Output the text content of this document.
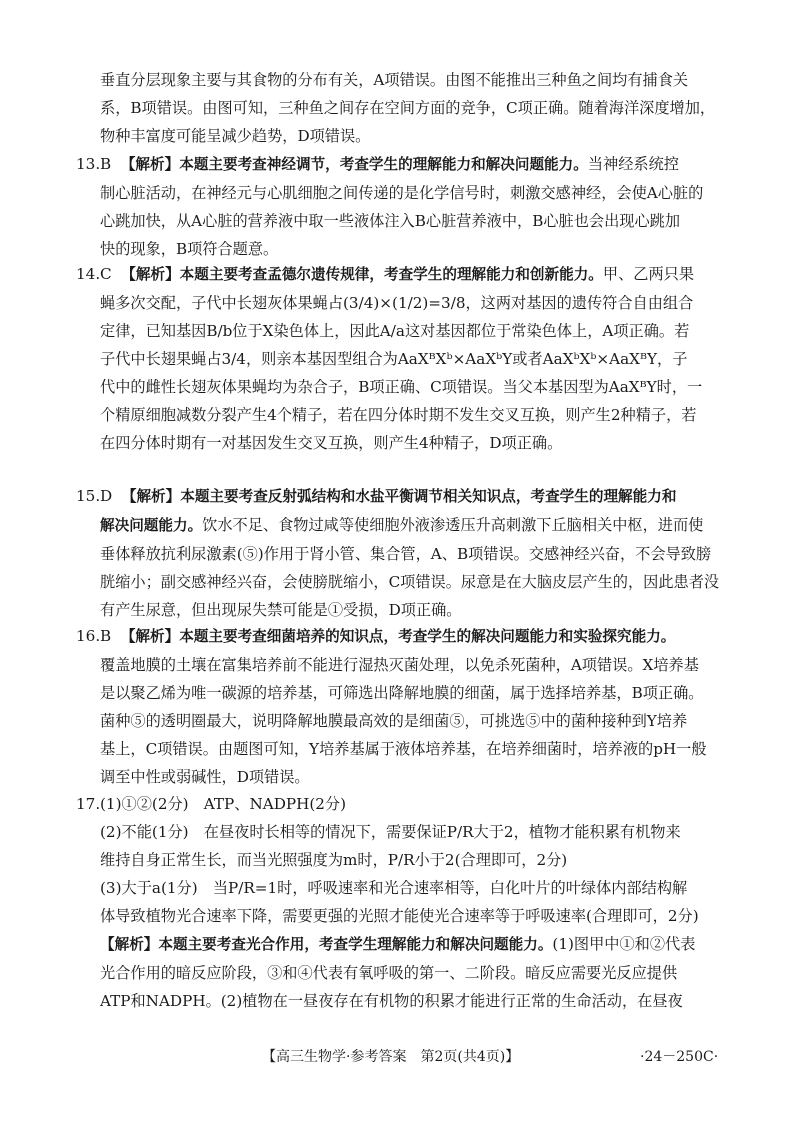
垂直分层现象主要与其食物的分布有关，A项错误。由图不能推出三种鱼之间均有捕食关
系，B项错误。由图可知，三种鱼之间存在空间方面的竞争，C项正确。随着海洋深度增加，
物种丰富度可能呈减少趋势，D项错误。
13.B 【解析】本题主要考查神经调节，考查学生的理解能力和解决问题能力。当神经系统控
制心脏活动，在神经元与心肌细胞之间传递的是化学信号时，刺激交感神经，会使A心脏的
心跳加快，从A心脏的营养液中取一些液体注入B心脏营养液中，B心脏也会出现心跳加
快的现象，B项符合题意。
14.C 【解析】本题主要考查孟德尔遗传规律，考查学生的理解能力和创新能力。甲、乙两只果
蝇多次交配，子代中长翅灰体果蝇占(3/4)×(1/2)=3/8，这两对基因的遗传符合自由组合
定律，已知基因B/b位于X染色体上，因此A/a这对基因都位于常染色体上，A项正确。若
子代中长翅果蝇占3/4，则亲本基因型组合为AaXᴮXᵇ×AaXᵇY或者AaXᵇXᵇ×AaXᴮY，子
代中的雌性长翅灰体果蝇均为杂合子，B项正确、C项错误。当父本基因型为AaXᴮY时，一
个精原细胞减数分裂产生4个精子，若在四分体时期不发生交叉互换，则产生2种精子，若
在四分体时期有一对基因发生交叉互换，则产生4种精子，D项正确。
15.D 【解析】本题主要考查反射弧结构和水盐平衡调节相关知识点，考查学生的理解能力和
解决问题能力。饮水不足、食物过咸等使细胞外液渗透压升高刺激下丘脑相关中枢，进而使
垂体释放抗利尿激素(⑤)作用于肾小管、集合管，A、B项错误。交感神经兴奋，不会导致膀
胱缩小；副交感神经兴奋，会使膀胱缩小，C项错误。尿意是在大脑皮层产生的，因此患者没
有产生尿意，但出现尿失禁可能是①受损，D项正确。
16.B 【解析】本题主要考查细菌培养的知识点，考查学生的解决问题能力和实验探究能力。
覆盖地膜的土壤在富集培养前不能进行湿热灭菌处理，以免杀死菌种，A项错误。X培养基
是以聚乙烯为唯一碳源的培养基，可筛选出降解地膜的细菌，属于选择培养基，B项正确。
菌种⑤的透明圈最大，说明降解地膜最高效的是细菌⑤，可挑选⑤中的菌种接种到Y培养
基上，C项错误。由题图可知，Y培养基属于液体培养基，在培养细菌时，培养液的pH一般
调至中性或弱碱性，D项错误。
17.(1)①②(2分)　ATP、NADPH(2分)
(2)不能(1分)　在昼夜时长相等的情况下，需要保证P/R大于2，植物才能积累有机物来
维持自身正常生长，而当光照强度为m时，P/R小于2(合理即可，2分)
(3)大于a(1分)　当P/R=1时，呼吸速率和光合速率相等，白化叶片的叶绿体内部结构解
体导致植物光合速率下降，需要更强的光照才能使光合速率等于呼吸速率(合理即可，2分)
【解析】本题主要考查光合作用，考查学生理解能力和解决问题能力。(1)图甲中①和②代表
光合作用的暗反应阶段，③和④代表有氧呼吸的第一、二阶段。暗反应需要光反应提供
ATP和NADPH。(2)植物在一昼夜存在有机物的积累才能进行正常的生命活动，在昼夜
【高三生物学·参考答案　第2页(共4页)】	·24－250C·
